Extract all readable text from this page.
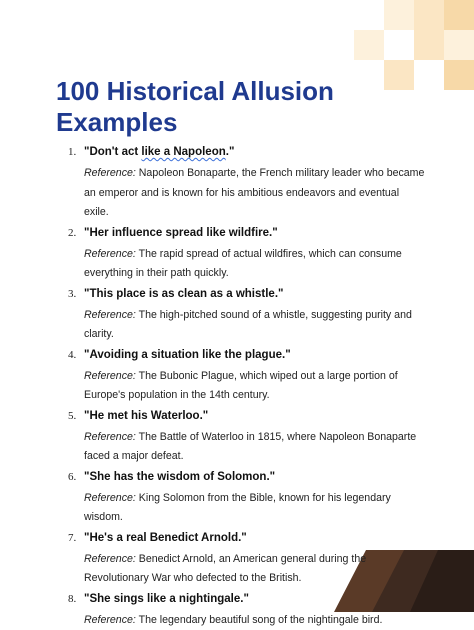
100 Historical Allusion Examples
1. "Don't act like a Napoleon."
Reference: Napoleon Bonaparte, the French military leader who became an emperor and is known for his ambitious endeavors and eventual exile.
2. "Her influence spread like wildfire."
Reference: The rapid spread of actual wildfires, which can consume everything in their path quickly.
3. "This place is as clean as a whistle."
Reference: The high-pitched sound of a whistle, suggesting purity and clarity.
4. "Avoiding a situation like the plague."
Reference: The Bubonic Plague, which wiped out a large portion of Europe's population in the 14th century.
5. "He met his Waterloo."
Reference: The Battle of Waterloo in 1815, where Napoleon Bonaparte faced a major defeat.
6. "She has the wisdom of Solomon."
Reference: King Solomon from the Bible, known for his legendary wisdom.
7. "He's a real Benedict Arnold."
Reference: Benedict Arnold, an American general during the Revolutionary War who defected to the British.
8. "She sings like a nightingale."
Reference: The legendary beautiful song of the nightingale bird.
